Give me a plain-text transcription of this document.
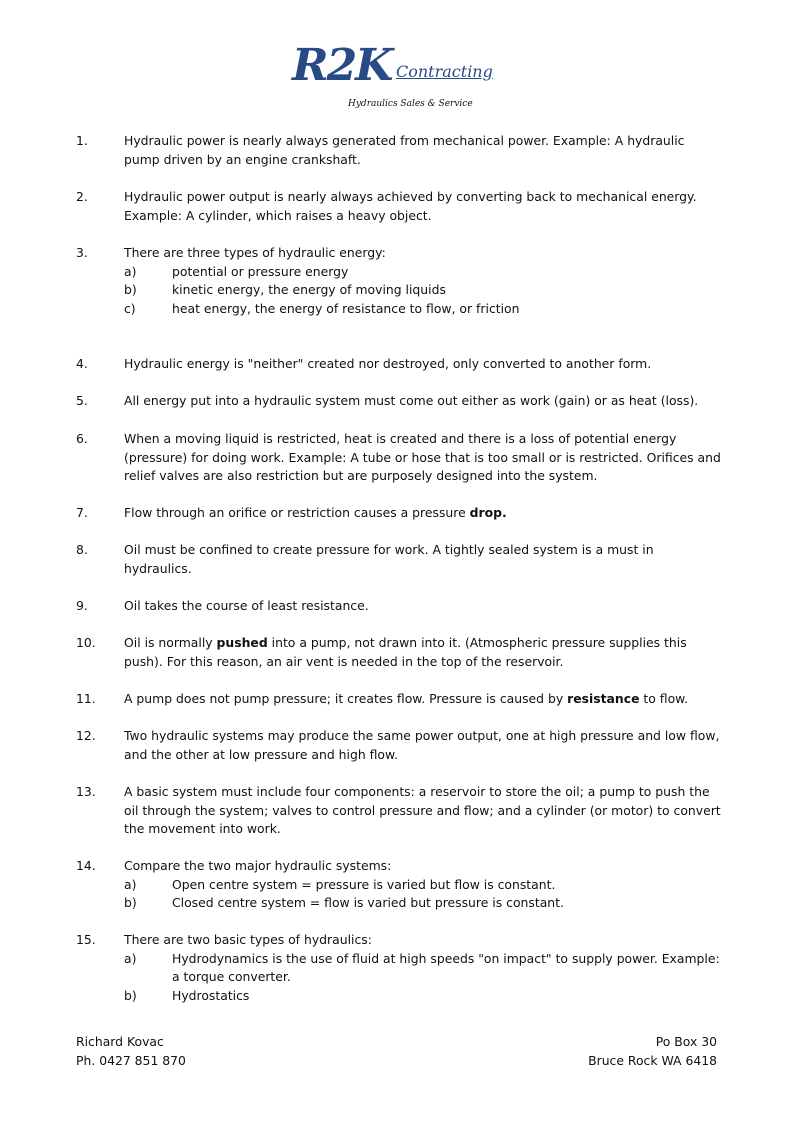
R2K Contracting
Hydraulics Sales & Service
1.	Hydraulic power is nearly always generated from mechanical power. Example: A hydraulic pump driven by an engine crankshaft.
2.	Hydraulic power output is nearly always achieved by converting back to mechanical energy. Example: A cylinder, which raises a heavy object.
3.	There are three types of hydraulic energy:
a)	potential or pressure energy
b)	kinetic energy, the energy of moving liquids
c)	heat energy, the energy of resistance to flow, or friction
4.	Hydraulic energy is "neither" created nor destroyed, only converted to another form.
5.	All energy put into a hydraulic system must come out either as work (gain) or as heat (loss).
6.	When a moving liquid is restricted, heat is created and there is a loss of potential energy (pressure) for doing work. Example: A tube or hose that is too small or is restricted. Orifices and relief valves are also restriction but are purposely designed into the system.
7.	Flow through an orifice or restriction causes a pressure drop.
8.	Oil must be confined to create pressure for work. A tightly sealed system is a must in hydraulics.
9.	Oil takes the course of least resistance.
10. Oil is normally pushed into a pump, not drawn into it. (Atmospheric pressure supplies this push). For this reason, an air vent is needed in the top of the reservoir.
11. A pump does not pump pressure; it creates flow. Pressure is caused by resistance to flow.
12. Two hydraulic systems may produce the same power output, one at high pressure and low flow, and the other at low pressure and high flow.
13. A basic system must include four components: a reservoir to store the oil; a pump to push the oil through the system; valves to control pressure and flow; and a cylinder (or motor) to convert the movement into work.
14. Compare the two major hydraulic systems:
a)	Open centre system = pressure is varied but flow is constant.
b)	Closed centre system = flow is varied but pressure is constant.
15. There are two basic types of hydraulics:
a)	Hydrodynamics is the use of fluid at high speeds "on impact" to supply power. Example: a torque converter.
b)	Hydrostatics
Richard Kovac
Ph. 0427 851 870
Po Box 30
Bruce Rock WA 6418
